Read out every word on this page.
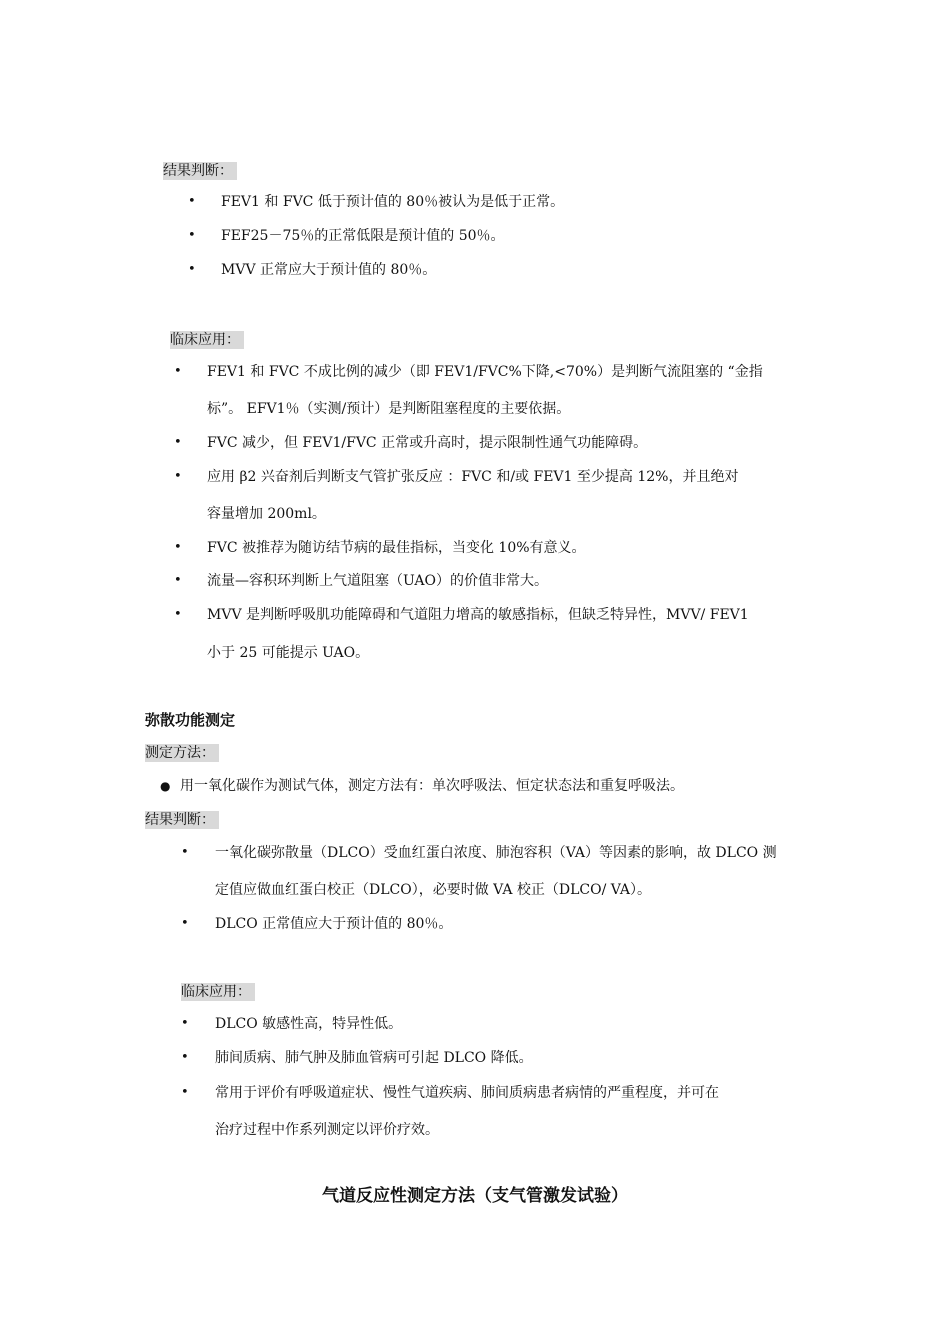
结果判断：
• FEV1 和 FVC 低于预计值的 80％被认为是低于正常。
• FEF25－75％的正常低限是预计值的 50％。
• MVV 正常应大于预计值的 80％。
临床应用：
• FEV1 和 FVC 不成比例的减少（即 FEV1/FVC%下降,<70%）是判断气流阻塞的 “金指
标”。 EFV1％（实测/预计）是判断阻塞程度的主要依据。
• FVC 减少，但 FEV1/FVC 正常或升高时，提示限制性通气功能障碍。
• 应用 β2 兴奋剂后判断支气管扩张反应 ：FVC 和/或 FEV1 至少提高 12%，并且绝对
容量增加 200ml。
• FVC 被推荐为随访结节病的最佳指标，当变化 10%有意义。
• 流量—容积环判断上气道阻塞（UAO）的价值非常大。
• MVV 是判断呼吸肌功能障碍和气道阻力增高的敏感指标，但缺乏特异性，MVV/ FEV1
小于 25 可能提示 UAO。
弥散功能测定
测定方法：
● 用一氧化碳作为测试气体，测定方法有：单次呼吸法、恒定状态法和重复呼吸法。
结果判断：
• 一氧化碳弥散量（DLCO）受血红蛋白浓度、肺泡容积（VA）等因素的影响，故 DLCO 测
定值应做血红蛋白校正（DLCO），必要时做 VA 校正（DLCO/ VA）。
• DLCO 正常值应大于预计值的 80％。
临床应用：
• DLCO 敏感性高，特异性低。
• 肺间质病、肺气肿及肺血管病可引起 DLCO 降低。
• 常用于评价有呼吸道症状、慢性气道疾病、肺间质病患者病情的严重程度，并可在
治疗过程中作系列测定以评价疗效。
气道反应性测定方法（支气管激发试验）
